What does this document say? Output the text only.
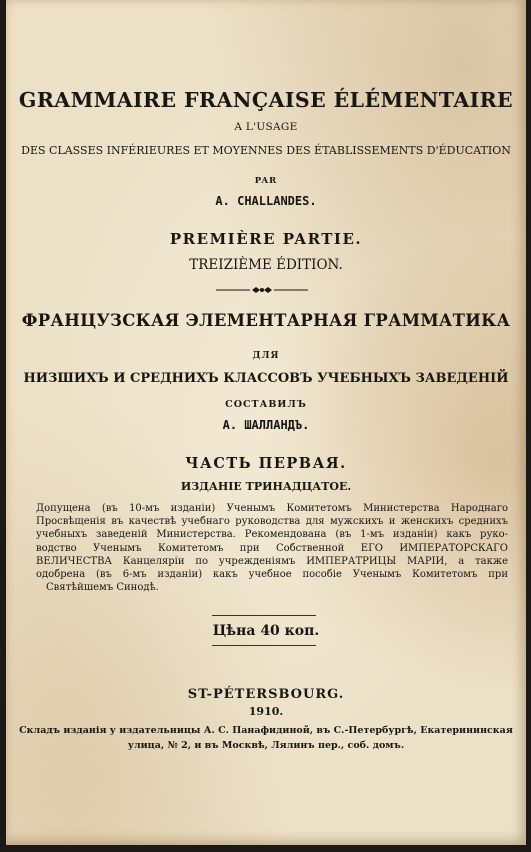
GRAMMAIRE FRANÇAISE ÉLÉMENTAIRE
A L'USAGE
DES CLASSES INFÉRIEURES ET MOYENNES DES ÉTABLISSEMENTS D'ÉDUCATION
PAR
A. CHALLANDES.
PREMIÈRE PARTIE.
TREIZIÈME ÉDITION.
ФРАНЦУЗСКАЯ ЭЛЕМЕНТАРНАЯ ГРАММАТИКА
ДЛЯ
НИЗШИХЪ И СРЕДНИХЪ КЛАССОВЪ УЧЕБНЫХЪ ЗАВЕДЕНІЙ
СОСТАВИЛЪ
А. ШАЛЛАНДЪ.
ЧАСТЬ ПЕРВАЯ.
ИЗДАНІЕ ТРИНАДЦАТОЕ.
Допущена (въ 10-мъ изданіи) Ученымъ Комитетомъ Министерства Народнаго
Просвѣщенія въ качествѣ учебнаго руководства для мужскихъ и женскихъ среднихъ
учебныхъ заведеній Министерства. Рекомендована (въ 1-мъ изданіи) какъ руко-
водство Ученымъ Комитетомъ при Собственной ЕГО ИМПЕРАТОРСКАГО
ВЕЛИЧЕСТВА Канцеляріи по учрежденіямъ ИМПЕРАТРИЦЫ МАРІИ, а также
одобрена (въ 6-мъ изданіи) какъ учебное пособіе Ученымъ Комитетомъ при
Святѣйшемъ Синодѣ.
Цѣна 40 коп.
ST-PÉTERSBOURG.
1910.
Складъ изданія у издательницы А. С. Панафидиной, въ С.-Петербургѣ, Екатерининская
улица, № 2, и въ Москвѣ, Лялинъ пер., соб. домъ.
